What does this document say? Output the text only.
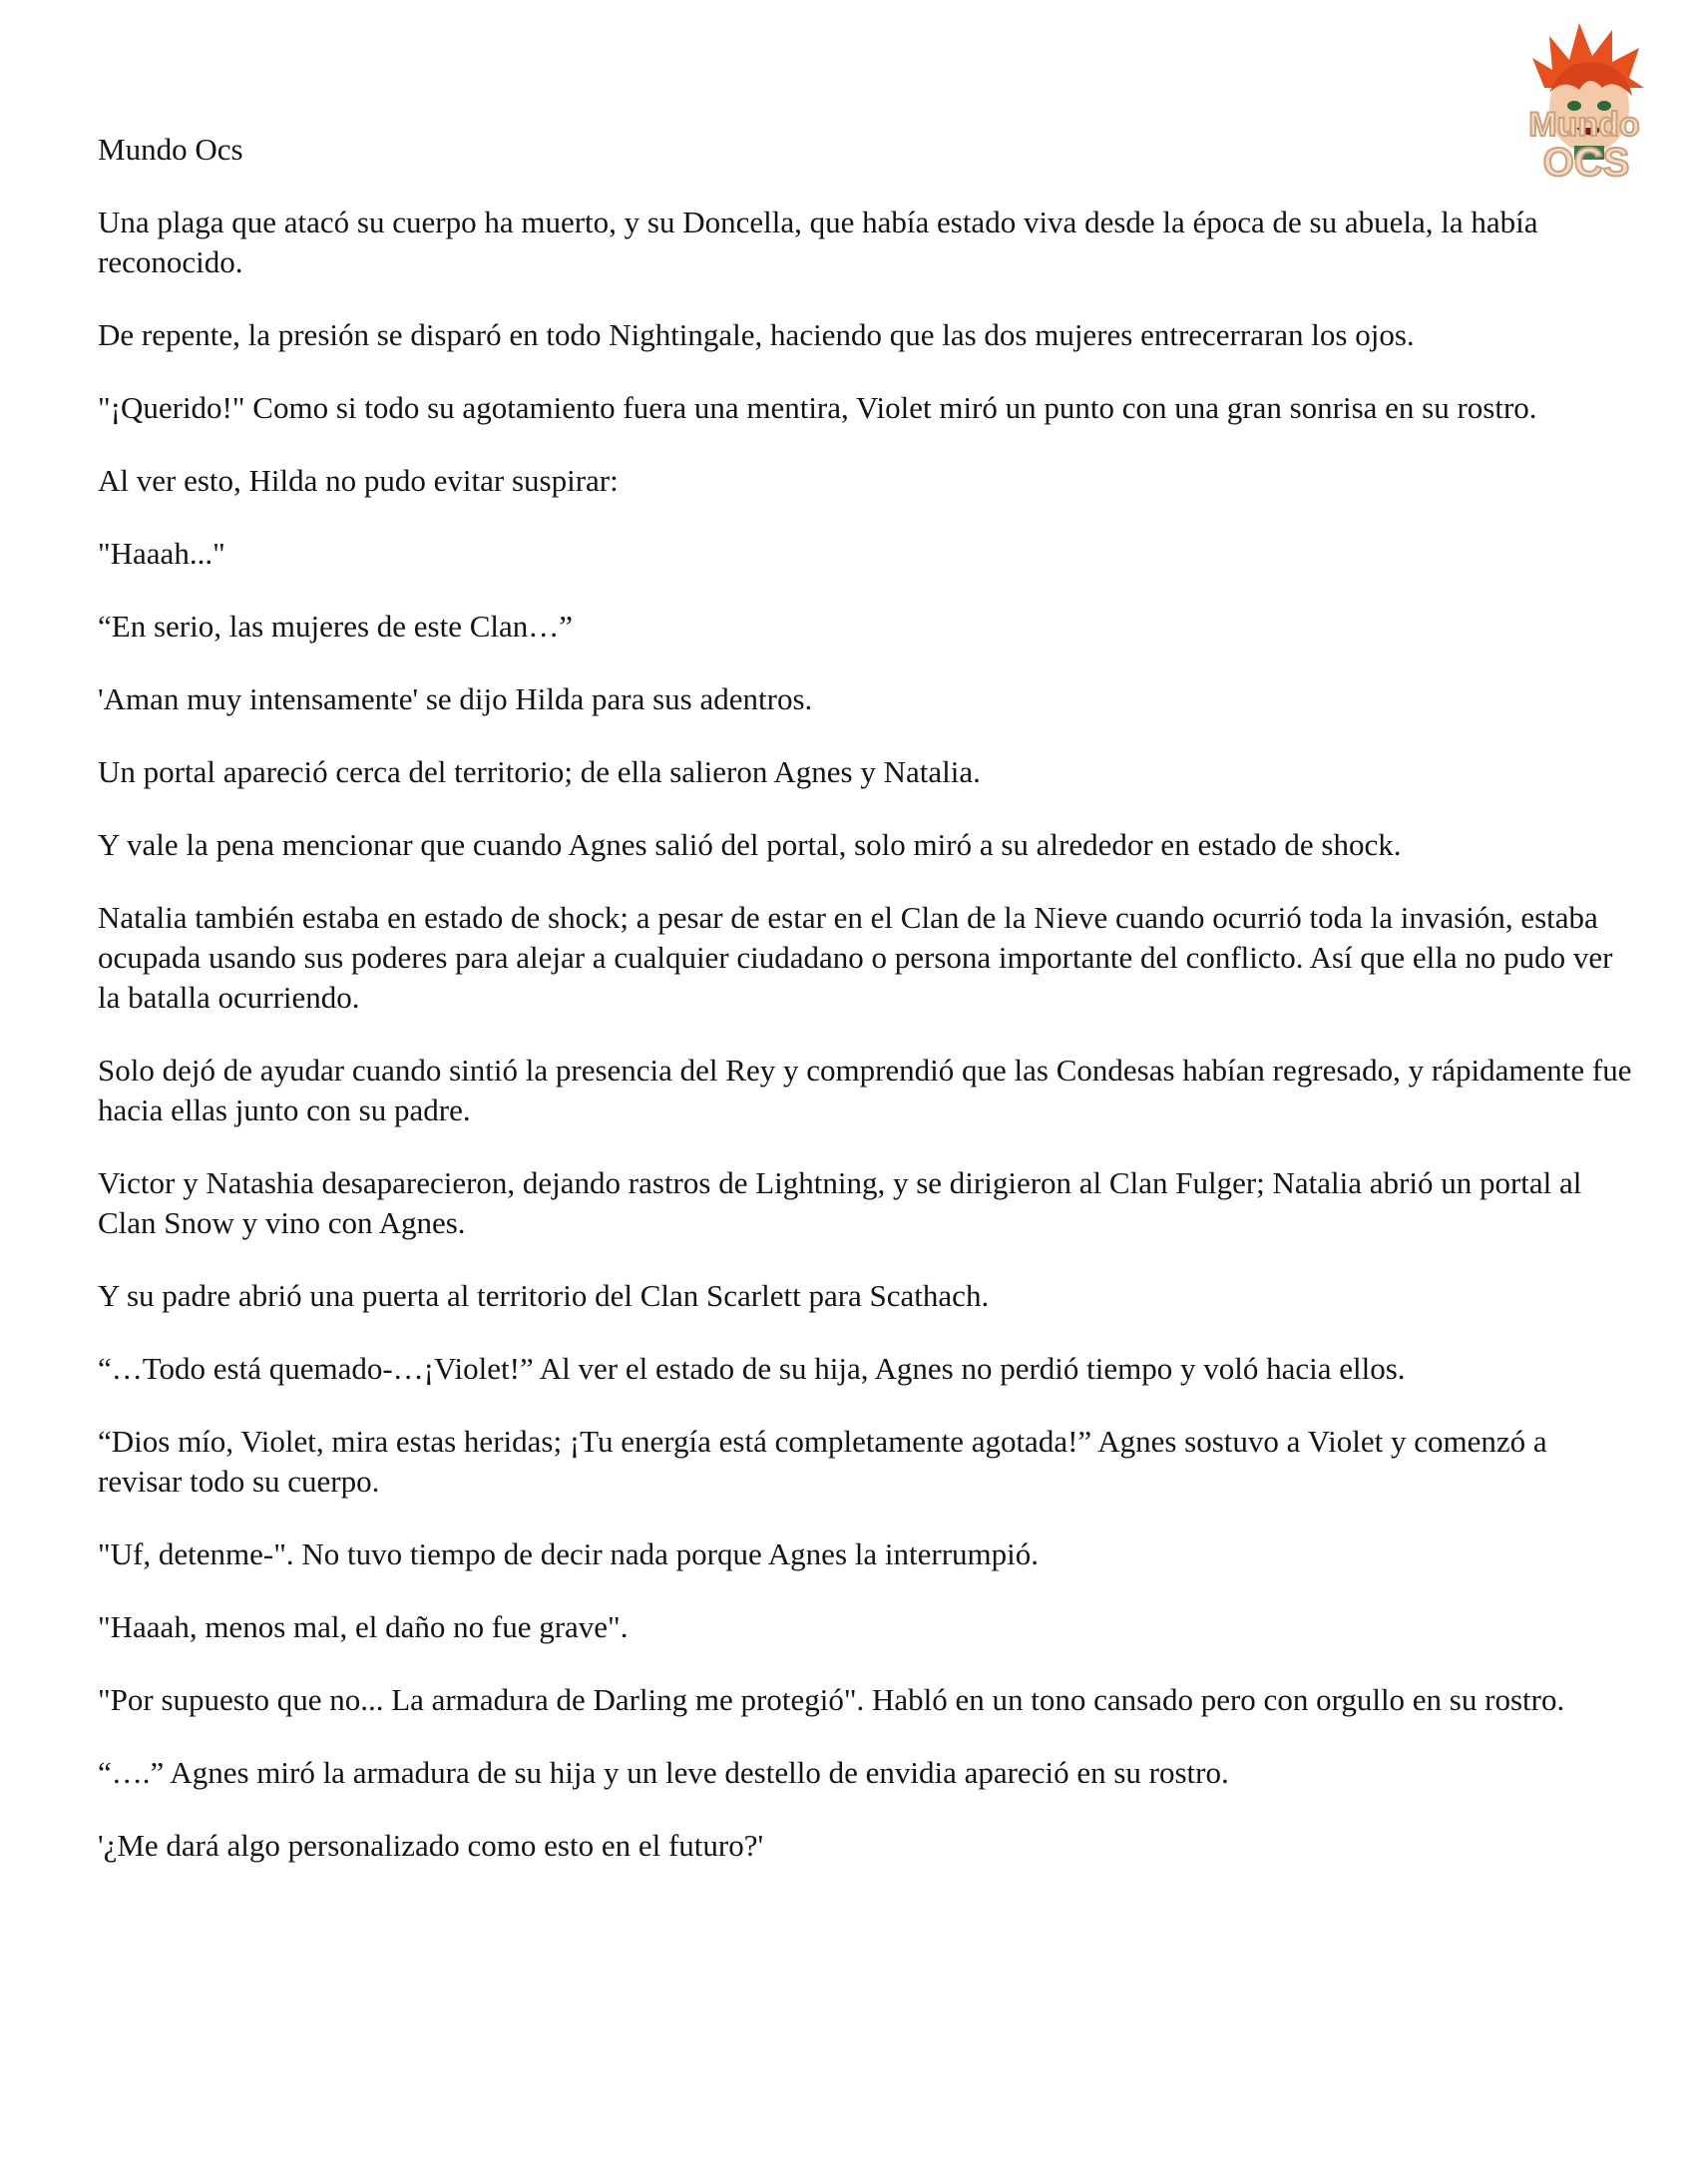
Mundo Ocs
Mundo
OCS

Una plaga que atacó su cuerpo ha muerto, y su Doncella, que había estado viva desde la época de su abuela, la había reconocido.

De repente, la presión se disparó en todo Nightingale, haciendo que las dos mujeres entrecerraran los ojos.

"¡Querido!" Como si todo su agotamiento fuera una mentira, Violet miró un punto con una gran sonrisa en su rostro.

Al ver esto, Hilda no pudo evitar suspirar:

"Haaah..."

“En serio, las mujeres de este Clan…”

'Aman muy intensamente' se dijo Hilda para sus adentros.

Un portal apareció cerca del territorio; de ella salieron Agnes y Natalia.

Y vale la pena mencionar que cuando Agnes salió del portal, solo miró a su alrededor en estado de shock.

Natalia también estaba en estado de shock; a pesar de estar en el Clan de la Nieve cuando ocurrió toda la invasión, estaba ocupada usando sus poderes para alejar a cualquier ciudadano o persona importante del conflicto. Así que ella no pudo ver la batalla ocurriendo.

Solo dejó de ayudar cuando sintió la presencia del Rey y comprendió que las Condesas habían regresado, y rápidamente fue hacia ellas junto con su padre.

Victor y Natashia desaparecieron, dejando rastros de Lightning, y se dirigieron al Clan Fulger; Natalia abrió un portal al Clan Snow y vino con Agnes.

Y su padre abrió una puerta al territorio del Clan Scarlett para Scathach.

“…Todo está quemado-…¡Violet!” Al ver el estado de su hija, Agnes no perdió tiempo y voló hacia ellos.

“Dios mío, Violet, mira estas heridas; ¡Tu energía está completamente agotada!” Agnes sostuvo a Violet y comenzó a revisar todo su cuerpo.

"Uf, detenme-". No tuvo tiempo de decir nada porque Agnes la interrumpió.

"Haaah, menos mal, el daño no fue grave".

"Por supuesto que no... La armadura de Darling me protegió". Habló en un tono cansado pero con orgullo en su rostro.

“….” Agnes miró la armadura de su hija y un leve destello de envidia apareció en su rostro.

'¿Me dará algo personalizado como esto en el futuro?'
